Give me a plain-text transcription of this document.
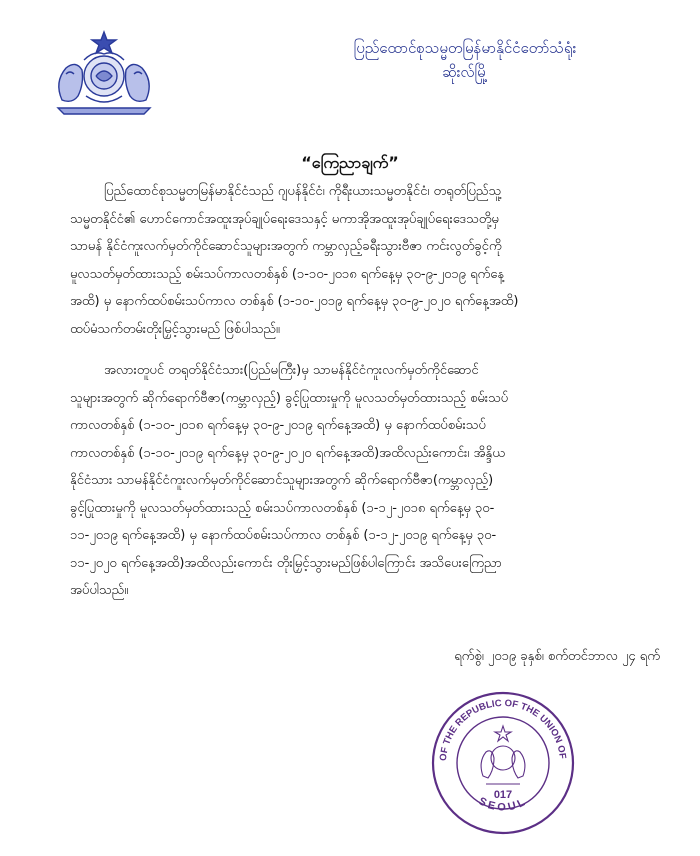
ပြည်ထောင်စုသမ္မတမြန်မာနိုင်ငံတော်သံရုံး
ဆိုးလ်မြို့
“ကြေညာချက်”
ပြည်ထောင်စုသမ္မတမြန်မာနိုင်ငံသည် ဂျပန်နိုင်ငံ၊ ကိုရီးယားသမ္မတနိုင်ငံ၊ တရုတ်ပြည်သူ့
သမ္မတနိုင်ငံ၏ ဟောင်ကောင်အထူးအုပ်ချုပ်ရေးဒေသနှင့် မကာအိုအထူးအုပ်ချုပ်ရေးဒေသတို့မှ
သာမန် နိုင်ငံကူးလက်မှတ်ကိုင်ဆောင်သူများအတွက် ကမ္ဘာလှည့်ခရီးသွားဗီဇာ ကင်းလွတ်ခွင့်ကို
မူလသတ်မှတ်ထားသည့် စမ်းသပ်ကာလတစ်နှစ် (၁-၁၀-၂၀၁၈ ရက်နေ့မှ ၃၀-၉-၂၀၁၉ ရက်နေ့
အထိ) မှ နောက်ထပ်စမ်းသပ်ကာလ တစ်နှစ် (၁-၁၀-၂၀၁၉ ရက်နေ့မှ ၃၀-၉-၂၀၂၀ ရက်နေ့အထိ)
ထပ်မံသက်တမ်းတိုးမြှင့်သွားမည် ဖြစ်ပါသည်။
အလားတူပင် တရုတ်နိုင်ငံသား(ပြည်မကြီး)မှ သာမန်နိုင်ငံကူးလက်မှတ်ကိုင်ဆောင်
သူများအတွက် ဆိုက်ရောက်ဗီဇာ(ကမ္ဘာလှည့်) ခွင့်ပြုထားမှုကို မူလသတ်မှတ်ထားသည့် စမ်းသပ်
ကာလတစ်နှစ် (၁-၁၀-၂၀၁၈ ရက်နေ့မှ ၃၀-၉-၂၀၁၉ ရက်နေ့အထိ) မှ နောက်ထပ်စမ်းသပ်
ကာလတစ်နှစ် (၁-၁၀-၂၀၁၉ ရက်နေ့မှ ၃၀-၉-၂၀၂၀ ရက်နေ့အထိ)အထိလည်းကောင်း၊ အိန္ဒိယ
နိုင်ငံသား သာမန်နိုင်ငံကူးလက်မှတ်ကိုင်ဆောင်သူများအတွက် ဆိုက်ရောက်ဗီဇာ(ကမ္ဘာလှည့်)
ခွင့်ပြုထားမှုကို မူလသတ်မှတ်ထားသည့် စမ်းသပ်ကာလတစ်နှစ် (၁-၁၂-၂၀၁၈ ရက်နေ့မှ ၃၀-
၁၁-၂၀၁၉ ရက်နေ့အထိ) မှ နောက်ထပ်စမ်းသပ်ကာလ တစ်နှစ် (၁-၁၂-၂၀၁၉ ရက်နေ့မှ ၃၀-
၁၁-၂၀၂၀ ရက်နေ့အထိ)အထိလည်းကောင်း တိုးမြှင့်သွားမည်ဖြစ်ပါကြောင်း အသိပေးကြေညာ
အပ်ပါသည်။
ရက်စွဲ၊ ၂၀၁၉ ခုနှစ်၊ စက်တင်ဘာလ ၂၄ ရက်
OF THE REPUBLIC OF THE UNION OF
SEOUL
017
